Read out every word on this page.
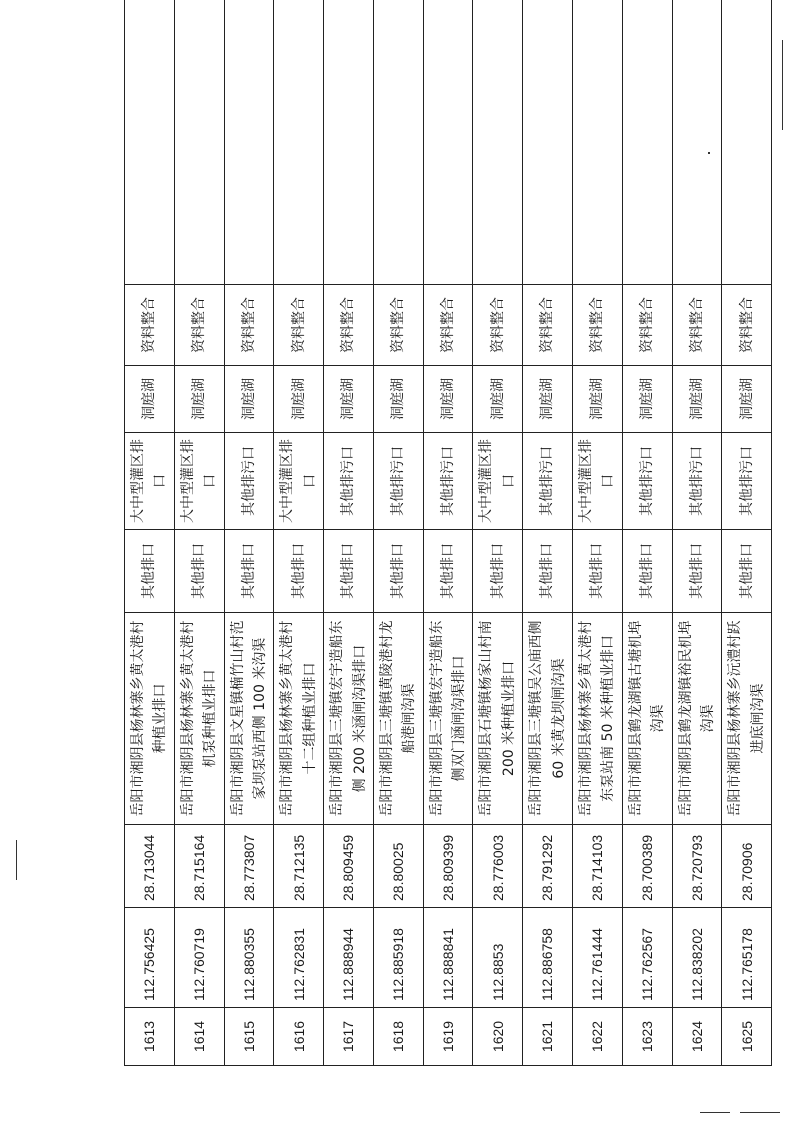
1613	112.756425	28.713044	岳阳市湘阴县杨林寨乡黄太港村种植业排口	其他排口	大中型灌区排口	洞庭湖	资料整合	
1614	112.760719	28.715164	岳阳市湘阴县杨林寨乡黄太港村机泵种植业排口	其他排口	大中型灌区排口	洞庭湖	资料整合	
1615	112.880355	28.773807	岳阳市湘阴县文星镇楠竹山村范家坝泵站西侧 100 米沟渠	其他排口	其他排污口	洞庭湖	资料整合	
1616	112.762831	28.712135	岳阳市湘阴县杨林寨乡黄太港村十二组种植业排口	其他排口	大中型灌区排口	洞庭湖	资料整合	
1617	112.888944	28.809459	岳阳市湘阴县三塘镇宏宇造船东侧 200 米涵闸沟渠排口	其他排口	其他排污口	洞庭湖	资料整合	
1618	112.885918	28.80025	岳阳市湘阴县三塘镇黄陵港村龙船港闸沟渠	其他排口	其他排污口	洞庭湖	资料整合	
1619	112.888841	28.809399	岳阳市湘阴县三塘镇宏宇造船东侧双门涵闸沟渠排口	其他排口	其他排污口	洞庭湖	资料整合	
1620	112.8853	28.776003	岳阳市湘阴县石塘镇杨家山村南200 米种植业排口	其他排口	大中型灌区排口	洞庭湖	资料整合	
1621	112.886758	28.791292	岳阳市湘阴县三塘镇吴公庙西侧60 米黄龙坝闸沟渠	其他排口	其他排污口	洞庭湖	资料整合	
1622	112.761444	28.714103	岳阳市湘阴县杨林寨乡黄太港村东泵站南 50 米种植业排口	其他排口	大中型灌区排口	洞庭湖	资料整合	
1623	112.762567	28.700389	岳阳市湘阴县鹤龙湖镇古塘机埠沟渠	其他排口	其他排污口	洞庭湖	资料整合	
1624	112.838202	28.720793	岳阳市湘阴县鹤龙湖镇裕民机埠沟渠	其他排口	其他排污口	洞庭湖	资料整合	
1625	112.765178	28.70906	岳阳市湘阴县杨林寨乡沅澧村跃进底闸沟渠	其他排口	其他排污口	洞庭湖	资料整合	
